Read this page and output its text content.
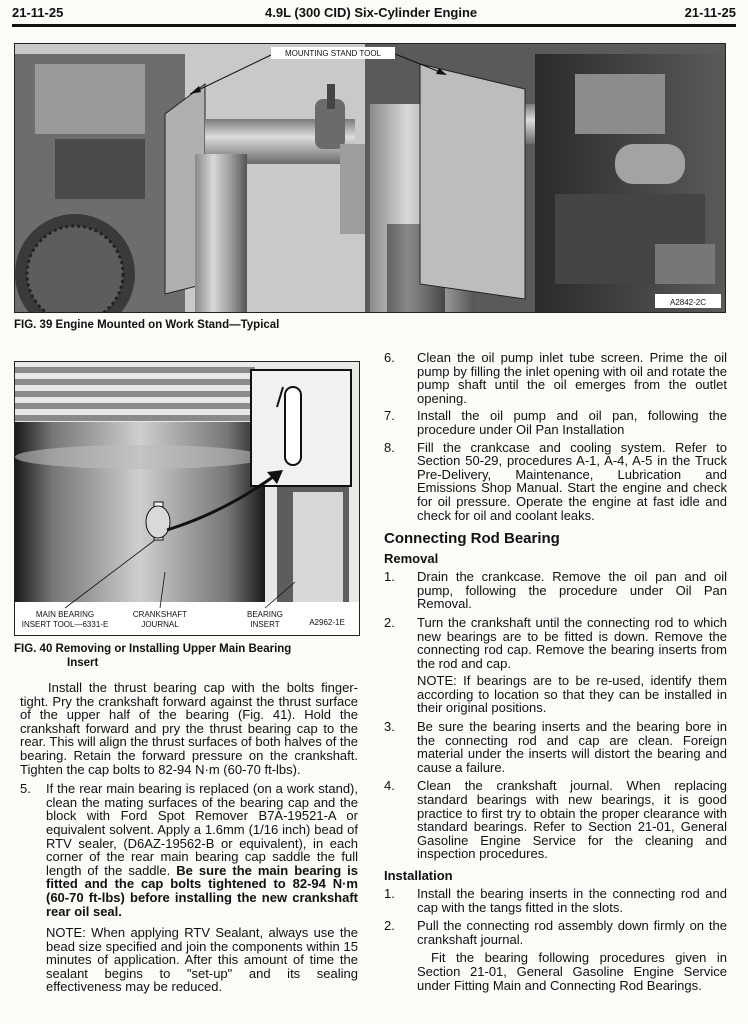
21-11-25	4.9L (300 CID) Six-Cylinder Engine	21-11-25
MOUNTING STAND TOOL
A2842-2C
FIG. 39 Engine Mounted on Work Stand—Typical
MAIN BEARING
INSERT TOOL—6331-E
CRANKSHAFT
JOURNAL
BEARING
INSERT	A2962-1E
FIG. 40 Removing or Installing Upper Main Bearing
Insert

Install the thrust bearing cap with the bolts finger-tight. Pry the crankshaft forward against the thrust surface of the upper half of the bearing (Fig. 41). Hold the crankshaft forward and pry the thrust bearing cap to the rear. This will align the thrust surfaces of both halves of the bearing. Retain the forward pressure on the crankshaft. Tighten the cap bolts to 82-94 N·m (60-70 ft-lbs).

5. If the rear main bearing is replaced (on a work stand), clean the mating surfaces of the bearing cap and the block with Ford Spot Remover B7A-19521-A or equivalent solvent. Apply a 1.6mm (1/16 inch) bead of RTV sealer, (D6AZ-19562-B or equivalent), in each corner of the rear main bearing cap saddle the full length of the saddle. Be sure the main bearing is fitted and the cap bolts tightened to 82-94 N·m (60-70 ft-lbs) before installing the new crankshaft rear oil seal.

NOTE: When applying RTV Sealant, always use the bead size specified and join the components within 15 minutes of application. After this amount of time the sealant begins to "set-up" and its sealing effectiveness may be reduced.

6. Clean the oil pump inlet tube screen. Prime the oil pump by filling the inlet opening with oil and rotate the pump shaft until the oil emerges from the outlet opening.
7. Install the oil pump and oil pan, following the procedure under Oil Pan Installation
8. Fill the crankcase and cooling system. Refer to Section 50-29, procedures A-1, A-4, A-5 in the Truck Pre-Delivery, Maintenance, Lubrication and Emissions Shop Manual. Start the engine and check for oil pressure. Operate the engine at fast idle and check for oil and coolant leaks.
Connecting Rod Bearing
Removal
1. Drain the crankcase. Remove the oil pan and oil pump, following the procedure under Oil Pan Removal.
2. Turn the crankshaft until the connecting rod to which new bearings are to be fitted is down. Remove the connecting rod cap. Remove the bearing inserts from the rod and cap.

NOTE: If bearings are to be re-used, identify them according to location so that they can be installed in their original positions.

3. Be sure the bearing inserts and the bearing bore in the connecting rod and cap are clean. Foreign material under the inserts will distort the bearing and cause a failure.
4. Clean the crankshaft journal. When replacing standard bearings with new bearings, it is good practice to first try to obtain the proper clearance with standard bearings. Refer to Section 21-01, General Gasoline Engine Service for the cleaning and inspection procedures.
Installation
1. Install the bearing inserts in the connecting rod and cap with the tangs fitted in the slots.
2. Pull the connecting rod assembly down firmly on the crankshaft journal.

Fit the bearing following procedures given in Section 21-01, General Gasoline Engine Service under Fitting Main and Connecting Rod Bearings.
